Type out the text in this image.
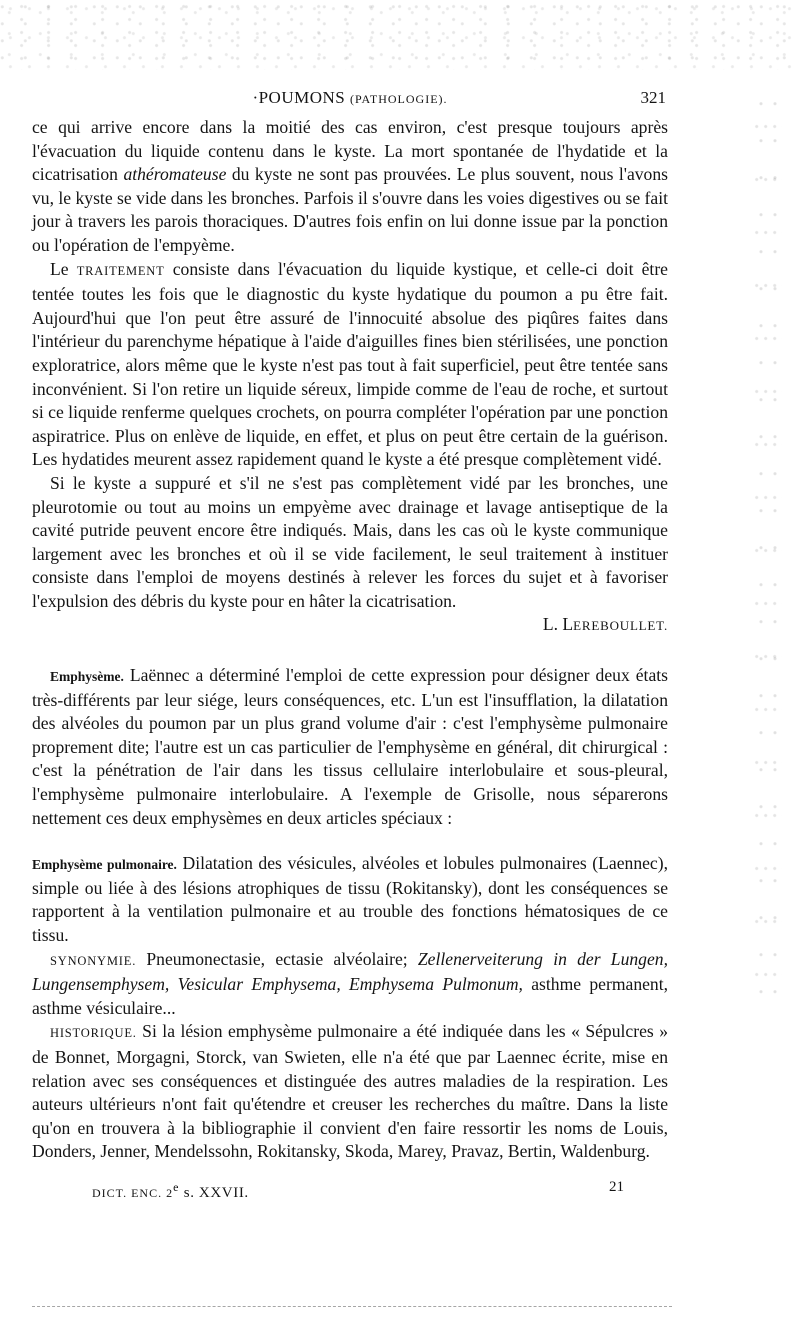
·POUMONS (PATHOLOGIE).	321

ce qui arrive encore dans la moitié des cas environ, c'est presque toujours après l'évacuation du liquide contenu dans le kyste. La mort spontanée de l'hydatide et la cicatrisation athéromateuse du kyste ne sont pas prouvées. Le plus souvent, nous l'avons vu, le kyste se vide dans les bronches. Parfois il s'ouvre dans les voies digestives ou se fait jour à travers les parois thoraciques. D'autres fois enfin on lui donne issue par la ponction ou l'opération de l'empyème.

Le TRAITEMENT consiste dans l'évacuation du liquide kystique, et celle-ci doit être tentée toutes les fois que le diagnostic du kyste hydatique du poumon a pu être fait. Aujourd'hui que l'on peut être assuré de l'innocuité absolue des piqûres faites dans l'intérieur du parenchyme hépatique à l'aide d'aiguilles fines bien stérilisées, une ponction exploratrice, alors même que le kyste n'est pas tout à fait superficiel, peut être tentée sans inconvénient. Si l'on retire un liquide séreux, limpide comme de l'eau de roche, et surtout si ce liquide renferme quelques crochets, on pourra compléter l'opération par une ponction aspiratrice. Plus on enlève de liquide, en effet, et plus on peut être certain de la guérison. Les hydatides meurent assez rapidement quand le kyste a été presque complètement vidé.

Si le kyste a suppuré et s'il ne s'est pas complètement vidé par les bronches, une pleurotomie ou tout au moins un empyème avec drainage et lavage antiseptique de la cavité putride peuvent encore être indiqués. Mais, dans les cas où le kyste communique largement avec les bronches et où il se vide facilement, le seul traitement à instituer consiste dans l'emploi de moyens destinés à relever les forces du sujet et à favoriser l'expulsion des débris du kyste pour en hâter la cicatrisation.

L. LEREBOULLET.

Emphysème. Laënnec a déterminé l'emploi de cette expression pour désigner deux états très-différents par leur siége, leurs conséquences, etc. L'un est l'insufflation, la dilatation des alvéoles du poumon par un plus grand volume d'air : c'est l'emphysème pulmonaire proprement dite; l'autre est un cas particulier de l'emphysème en général, dit chirurgical : c'est la pénétration de l'air dans les tissus cellulaire interlobulaire et sous-pleural, l'emphysème pulmonaire interlobulaire. A l'exemple de Grisolle, nous séparerons nettement ces deux emphysèmes en deux articles spéciaux :

Emphysème pulmonaire. Dilatation des vésicules, alvéoles et lobules pulmonaires (Laennec), simple ou liée à des lésions atrophiques de tissu (Rokitansky), dont les conséquences se rapportent à la ventilation pulmonaire et au trouble des fonctions hématosiques de ce tissu.

SYNONYMIE. Pneumonectasie, ectasie alvéolaire; Zellenerveiterung in der Lungen, Lungensemphysem, Vesicular Emphysema, Emphysema Pulmonum, asthme permanent, asthme vésiculaire...

HISTORIQUE. Si la lésion emphysème pulmonaire a été indiquée dans les « Sépulcres » de Bonnet, Morgagni, Storck, van Swieten, elle n'a été que par Laennec écrite, mise en relation avec ses conséquences et distinguée des autres maladies de la respiration. Les auteurs ultérieurs n'ont fait qu'étendre et creuser les recherches du maître. Dans la liste qu'on en trouvera à la bibliographie il convient d'en faire ressortir les noms de Louis, Donders, Jenner, Mendelssohn, Rokitansky, Skoda, Marey, Pravaz, Bertin, Waldenburg.

DICT. ENC. 2e s. XXVII.	21
